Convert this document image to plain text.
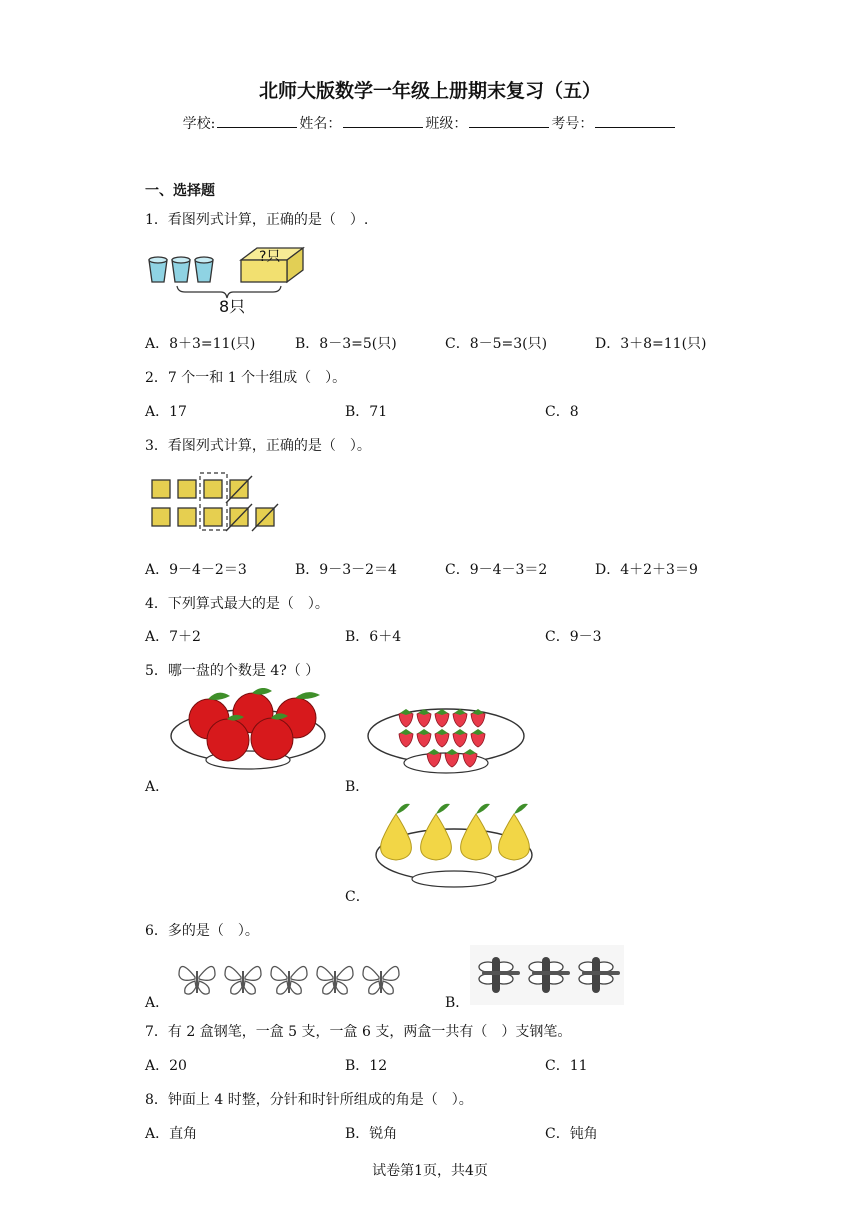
北师大版数学一年级上册期末复习（五）
学校:	姓名：	班级：	考号：
一、选择题
1．看图列式计算，正确的是（　）.
?只
8只
A．8＋3=11(只)	B．8－3=5(只)	C．8－5=3(只)	D．3＋8=11(只)
2．7 个一和 1 个十组成（　）。
A．17	B．71	C．8
3．看图列式计算，正确的是（　）。
A．9－4－2＝3	B．9－3－2＝4	C．9－4－3＝2	D．4＋2＋3＝9
4．下列算式最大的是（　）。
A．7＋2	B．6＋4	C．9－3
5．哪一盘的个数是 4?（ ）
A．	B．
C．
6．多的是（　）。
A．	B．
7．有 2 盒钢笔，一盒 5 支，一盒 6 支，两盒一共有（　）支钢笔。
A．20	B．12	C．11
8．钟面上 4 时整，分针和时针所组成的角是（　）。
A．直角	B．锐角	C．钝角
试卷第1页，共4页
